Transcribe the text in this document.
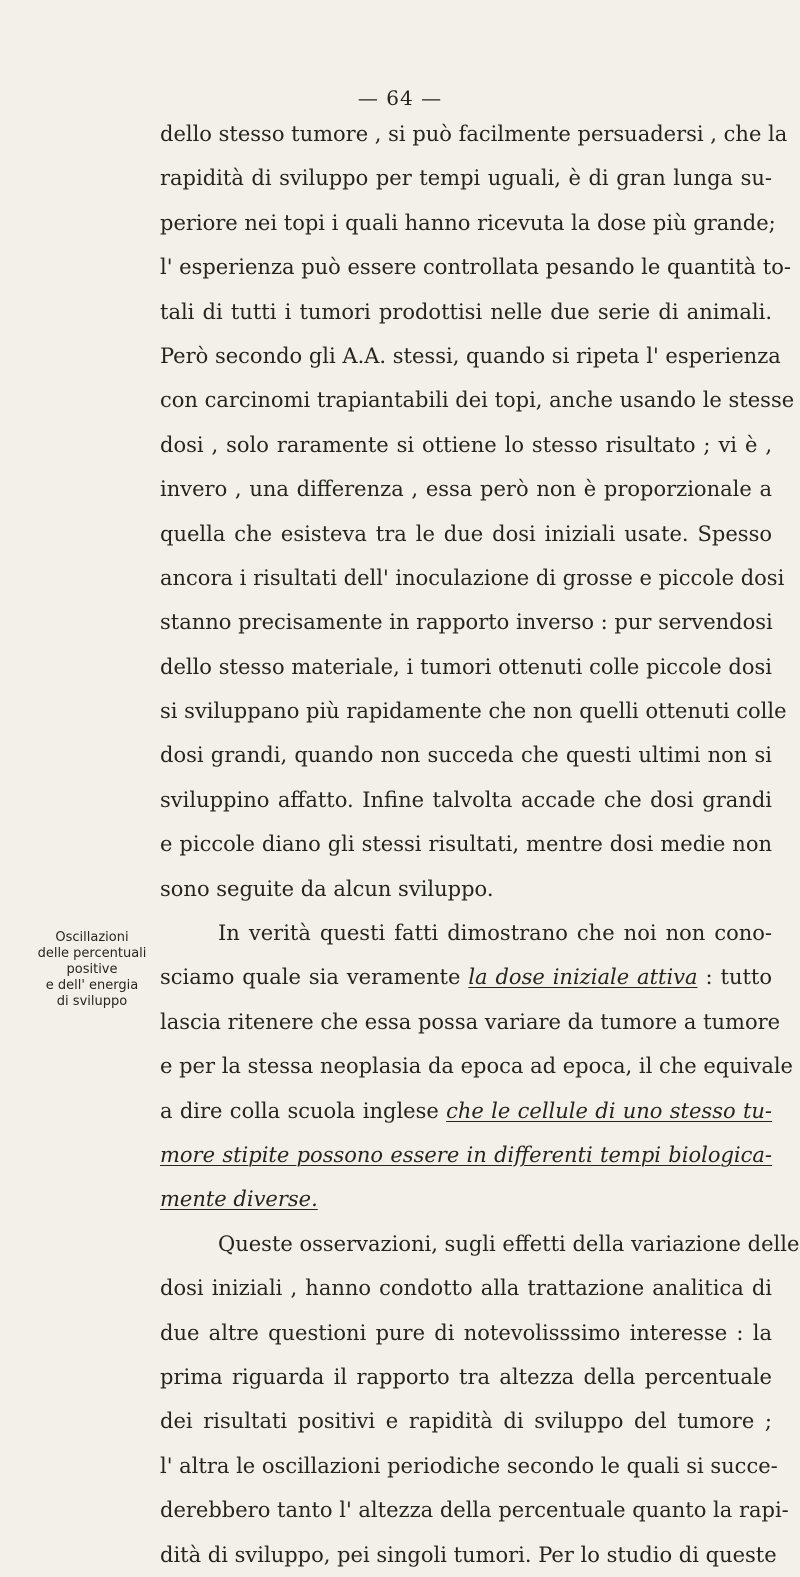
— 64 —
dello stesso tumore , si può facilmente persuadersi , che la
rapidità di sviluppo per tempi uguali, è di gran lunga su-
periore nei topi i quali hanno ricevuta la dose più grande;
l' esperienza può essere controllata pesando le quantità to-
tali di tutti i tumori prodottisi nelle due serie di animali.
Però secondo gli A.A. stessi, quando si ripeta l' esperienza
con carcinomi trapiantabili dei topi, anche usando le stesse
dosi , solo raramente si ottiene lo stesso risultato ; vi è ,
invero , una differenza , essa però non è proporzionale a
quella che esisteva tra le due dosi iniziali usate. Spesso
ancora i risultati dell' inoculazione di grosse e piccole dosi
stanno precisamente in rapporto inverso : pur servendosi
dello stesso materiale, i tumori ottenuti colle piccole dosi
si sviluppano più rapidamente che non quelli ottenuti colle
dosi grandi, quando non succeda che questi ultimi non si
sviluppino affatto. Infine talvolta accade che dosi grandi
e piccole diano gli stessi risultati, mentre dosi medie non
sono seguite da alcun sviluppo.
In verità questi fatti dimostrano che noi non cono-
sciamo quale sia veramente la dose iniziale attiva : tutto
lascia ritenere che essa possa variare da tumore a tumore
e per la stessa neoplasia da epoca ad epoca, il che equivale
a dire colla scuola inglese che le cellule di uno stesso tu-
more stipite possono essere in differenti tempi biologica-
mente diverse.
Queste osservazioni, sugli effetti della variazione delle
dosi iniziali , hanno condotto alla trattazione analitica di
due altre questioni pure di notevolisssimo interesse : la
prima riguarda il rapporto tra altezza della percentuale
dei risultati positivi e rapidità di sviluppo del tumore ;
l' altra le oscillazioni periodiche secondo le quali si succe-
derebbero tanto l' altezza della percentuale quanto la rapi-
dità di sviluppo, pei singoli tumori. Per lo studio di queste
Oscillazioni
delle percentuali
positive
e dell' energia
di sviluppo
